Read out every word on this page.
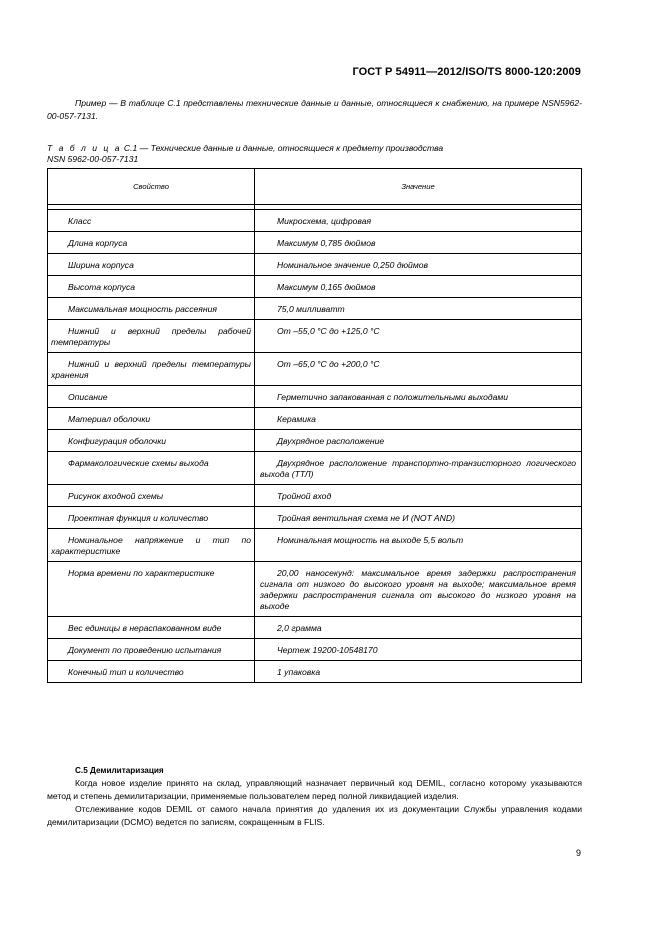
ГОСТ Р 54911—2012/ISO/TS 8000-120:2009
Пример — В таблице С.1 представлены технические данные и данные, относящиеся к снабжению, на примере NSN5962-00-057-7131.
Т а б л и ц а С.1 — Технические данные и данные, относящиеся к предмету производства
NSN 5962-00-057-7131
Свойство	Значение

Класс	Микросхема, цифровая

Длина корпуса	Максимум 0,785 дюймов

Ширина корпуса	Номинальное значение 0,250 дюймов

Высота корпуса	Максимум 0,165 дюймов

Максимальная мощность рассеяния	75,0 милливатт

Нижний и верхний пределы рабочей температуры	От –55,0 °С до +125,0 °С

Нижний и верхний пределы температуры хранения	От –65,0 °С до +200,0 °С

Описание	Герметично запакованная с положительными выходами

Материал оболочки	Керамика

Конфигурация оболочки	Двухрядное расположение

Фармакологические схемы выхода	Двухрядное расположение транспортно-транзисторного логического выхода (ТТЛ)

Рисунок входной схемы	Тройной вход

Проектная функция и количество	Тройная вентильная схема не И (NOT AND)

Номинальное напряжение и тип по характеристике	Номинальная мощность на выходе 5,5 вольт

Норма времени по характеристике	20,00 наносекунд: максимальное время задержки распространения сигнала от низкого до высокого уровня на выходе; максимальное время задержки распространения сигнала от высокого до низкого уровня на выходе

Вес единицы в нераспакованном виде	2,0 грамма

Документ по проведению испытания	Чертеж 19200-10548170

Конечный тип и количество	1 упаковка
С.5 Демилитаризация

Когда новое изделие принято на склад, управляющий назначает первичный код DEMIL, согласно которому указываются метод и степень демилитаризации, применяемые пользователем перед полной ликвидацией изделия.

Отслеживание кодов DEMIL от самого начала принятия до удаления их из документации Службы управления кодами демилитаризации (DCMO) ведется по записям, сокращенным в FLIS.

9
